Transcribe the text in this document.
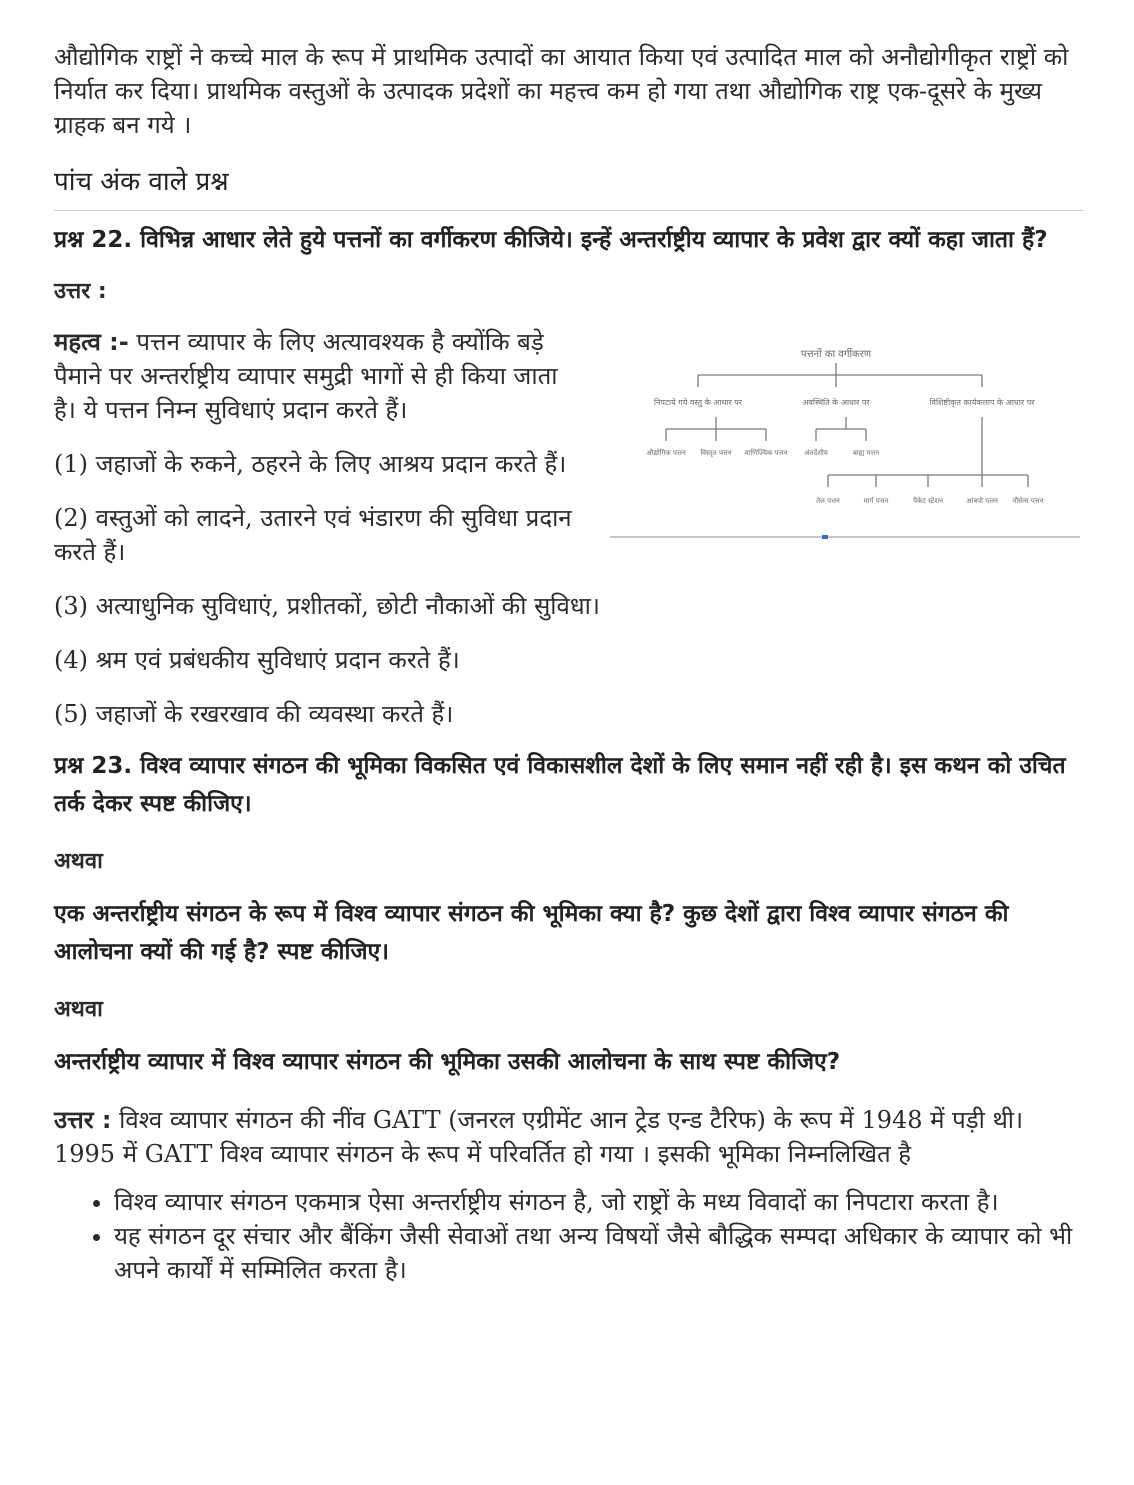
औद्योगिक राष्ट्रों ने कच्चे माल के रूप में प्राथमिक उत्पादों का आयात किया एवं उत्पादित माल को अनौद्योगीकृत राष्ट्रों को निर्यात कर दिया। प्राथमिक वस्तुओं के उत्पादक प्रदेशों का महत्त्व कम हो गया तथा औद्योगिक राष्ट्र एक-दूसरे के मुख्य ग्राहक बन गये ।

पांच अंक वाले प्रश्न

प्रश्न 22. विभिन्न आधार लेते हुये पत्तनों का वर्गीकरण कीजिये। इन्हें अन्तर्राष्ट्रीय व्यापार के प्रवेश द्वार क्यों कहा जाता हैं?

उत्तर :

महत्व :- पत्तन व्यापार के लिए अत्यावश्यक है क्योंकि बड़े पैमाने पर अन्तर्राष्ट्रीय व्यापार समुद्री भागों से ही किया जाता है। ये पत्तन निम्न सुविधाएं प्रदान करते हैं।

(1) जहाजों के रुकने, ठहरने के लिए आश्रय प्रदान करते हैं।

(2) वस्तुओं को लादने, उतारने एवं भंडारण की सुविधा प्रदान करते हैं।

पत्तनों का वर्गीकरण
निपटाये गये वस्तु के आधार पर	अवस्थिति के आधार पर	विशिष्टीकृत कार्यकलाप के आधार पर
औद्योगिक पत्तन विस्तृत पत्तन वाणिज्यिक पत्तन अंतर्देशीय	बाह्य पत्तन
तेल पत्तन	मार्ग पत्तन	पैकेट स्टेशन	आंत्रपो पत्तन नौसेना पत्तन

(3) अत्याधुनिक सुविधाएं, प्रशीतकों, छोटी नौकाओं की सुविधा।

(4) श्रम एवं प्रबंधकीय सुविधाएं प्रदान करते हैं।

(5) जहाजों के रखरखाव की व्यवस्था करते हैं।

प्रश्न 23. विश्व व्यापार संगठन की भूमिका विकसित एवं विकासशील देशों के लिए समान नहीं रही है। इस कथन को उचित तर्क देकर स्पष्ट कीजिए।

अथवा

एक अन्तर्राष्ट्रीय संगठन के रूप में विश्व व्यापार संगठन की भूमिका क्या है? कुछ देशों द्वारा विश्व व्यापार संगठन की आलोचना क्यों की गई है? स्पष्ट कीजिए।

अथवा

अन्तर्राष्ट्रीय व्यापार में विश्व व्यापार संगठन की भूमिका उसकी आलोचना के साथ स्पष्ट कीजिए?

उत्तर : विश्व व्यापार संगठन की नींव GATT (जनरल एग्रीमेंट आन ट्रेड एन्ड टैरिफ) के रूप में 1948 में पड़ी थी। 1995 में GATT विश्व व्यापार संगठन के रूप में परिवर्तित हो गया । इसकी भूमिका निम्नलिखित है

• विश्व व्यापार संगठन एकमात्र ऐसा अन्तर्राष्ट्रीय संगठन है, जो राष्ट्रों के मध्य विवादों का निपटारा करता है।
• यह संगठन दूर संचार और बैंकिंग जैसी सेवाओं तथा अन्य विषयों जैसे बौद्धिक सम्पदा अधिकार के व्यापार को भी अपने कार्यों में सम्मिलित करता है।
